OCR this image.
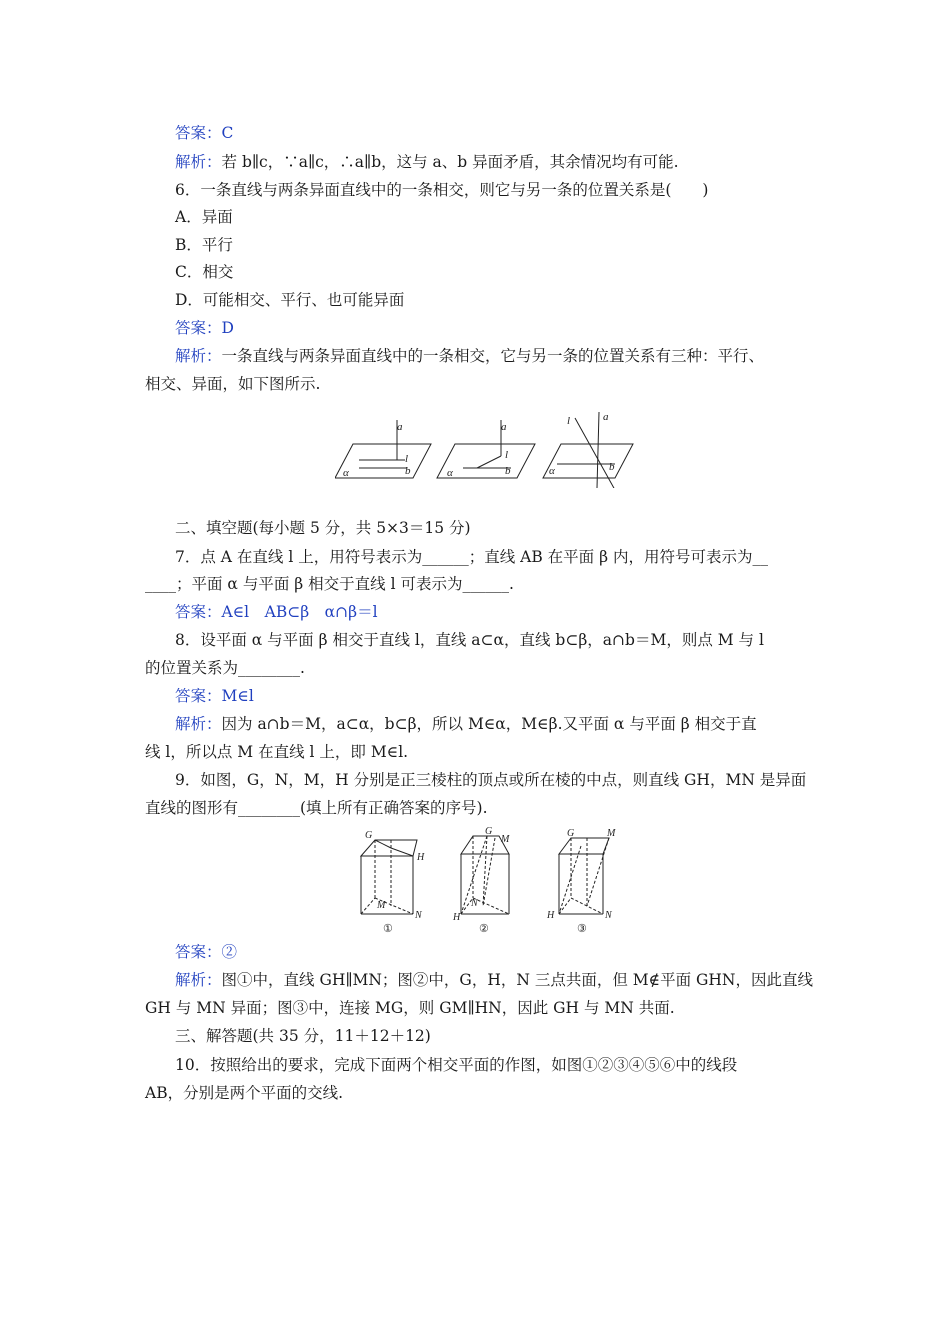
答案：C
解析：若 b∥c，∵a∥c，∴a∥b，这与 a、b 异面矛盾，其余情况均有可能.
6．一条直线与两条异面直线中的一条相交，则它与另一条的位置关系是(　　)
A．异面
B．平行
C．相交
D．可能相交、平行、也可能异面
答案：D
解析：一条直线与两条异面直线中的一条相交，它与另一条的位置关系有三种：平行、
相交、异面，如下图所示.
a
l
b
α
a
l
b
α
a
l
b
α
二、填空题(每小题 5 分，共 5×3＝15 分)
7．点 A 在直线 l 上，用符号表示为______；直线 AB 在平面 β 内，用符号可表示为__
____；平面 α 与平面 β 相交于直线 l 可表示为______.
答案：A∈l　AB⊂β　α∩β＝l
8．设平面 α 与平面 β 相交于直线 l，直线 a⊂α，直线 b⊂β，a∩b＝M，则点 M 与 l
的位置关系为________.
答案：M∈l
解析：因为 a∩b＝M，a⊂α，b⊂β，所以 M∈α，M∈β.又平面 α 与平面 β 相交于直
线 l，所以点 M 在直线 l 上，即 M∈l.
9．如图，G，N，M，H 分别是正三棱柱的顶点或所在棱的中点，则直线 GH，MN 是异面
直线的图形有________(填上所有正确答案的序号).
G
H
M
N
G
M
N
H
G	M
H	N
①	②	③
答案：②
解析：图①中，直线 GH∥MN；图②中，G，H，N 三点共面，但 M∉平面 GHN，因此直线
GH 与 MN 异面；图③中，连接 MG，则 GM∥HN，因此 GH 与 MN 共面.
三、解答题(共 35 分，11＋12＋12)
10．按照给出的要求，完成下面两个相交平面的作图，如图①②③④⑤⑥中的线段
AB，分别是两个平面的交线.
